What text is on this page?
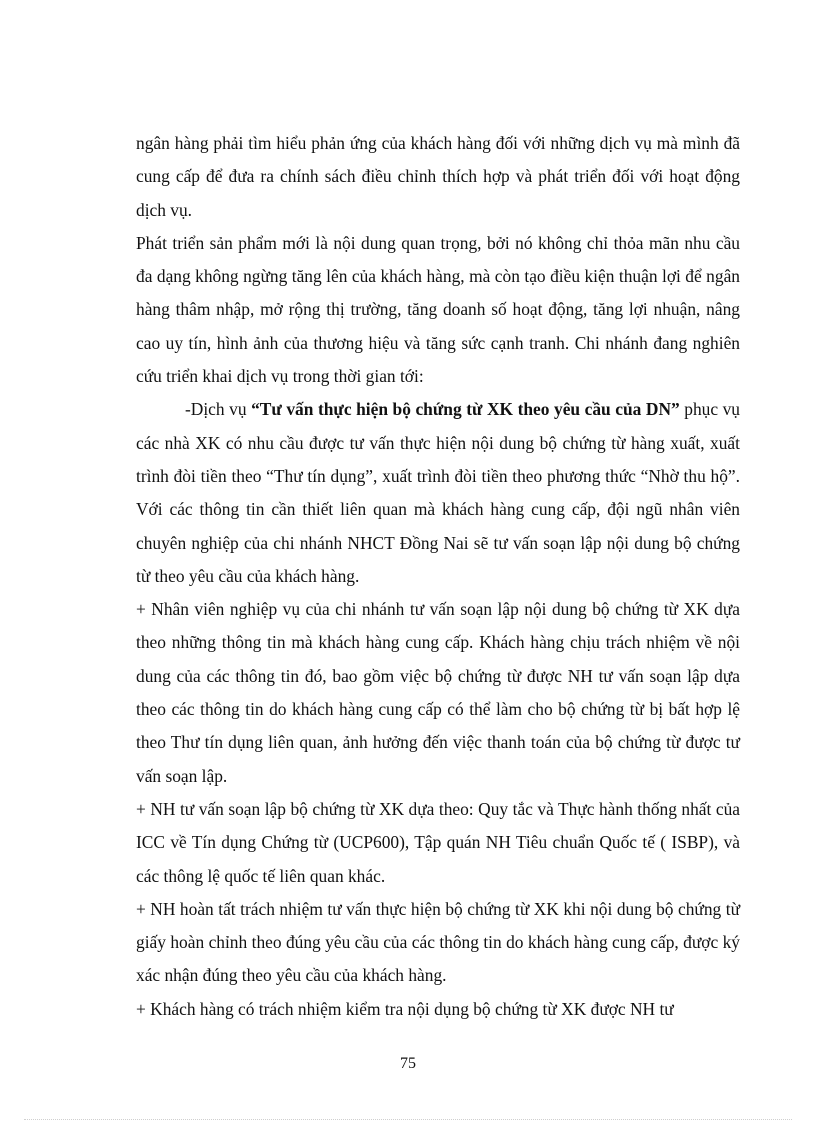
ngân hàng phải tìm hiểu phản ứng của khách hàng đối với những dịch vụ mà mình đã cung cấp để đưa ra chính sách điều chỉnh thích hợp và phát triển đối với hoạt động dịch vụ.

Phát triển sản phẩm mới là nội dung quan trọng, bởi nó không chỉ thỏa mãn nhu cầu đa dạng không ngừng tăng lên của khách hàng, mà còn tạo điều kiện thuận lợi để ngân hàng thâm nhập, mở rộng thị trường, tăng doanh số hoạt động, tăng lợi nhuận, nâng cao uy tín, hình ảnh của thương hiệu và tăng sức cạnh tranh. Chi nhánh đang nghiên cứu triển khai dịch vụ trong thời gian tới:

-Dịch vụ “Tư vấn thực hiện bộ chứng từ XK theo yêu cầu của DN” phục vụ các nhà XK có nhu cầu được tư vấn thực hiện nội dung bộ chứng từ hàng xuất, xuất trình đòi tiền theo “Thư tín dụng”, xuất trình đòi tiền theo phương thức “Nhờ thu hộ”. Với các thông tin cần thiết liên quan mà khách hàng cung cấp, đội ngũ nhân viên chuyên nghiệp của chi nhánh NHCT Đồng Nai sẽ tư vấn soạn lập nội dung bộ chứng từ theo yêu cầu của khách hàng.

+ Nhân viên nghiệp vụ của chi nhánh tư vấn soạn lập nội dung bộ chứng từ XK dựa theo những thông tin mà khách hàng cung cấp. Khách hàng chịu trách nhiệm về nội dung của các thông tin đó, bao gồm việc bộ chứng từ được NH tư vấn soạn lập dựa theo các thông tin do khách hàng cung cấp có thể làm cho bộ chứng từ bị bất hợp lệ theo Thư tín dụng liên quan, ảnh hưởng đến việc thanh toán của bộ chứng từ được tư vấn soạn lập.

+ NH tư vấn soạn lập bộ chứng từ XK dựa theo: Quy tắc và Thực hành thống nhất của ICC về Tín dụng Chứng từ (UCP600), Tập quán NH Tiêu chuẩn Quốc tế ( ISBP), và các thông lệ quốc tế liên quan khác.

+ NH hoàn tất trách nhiệm tư vấn thực hiện bộ chứng từ XK khi nội dung bộ chứng từ giấy hoàn chỉnh theo đúng yêu cầu của các thông tin do khách hàng cung cấp, được ký xác nhận đúng theo yêu cầu của khách hàng.

+ Khách hàng có trách nhiệm kiểm tra nội dụng bộ chứng từ XK được NH tư

75
